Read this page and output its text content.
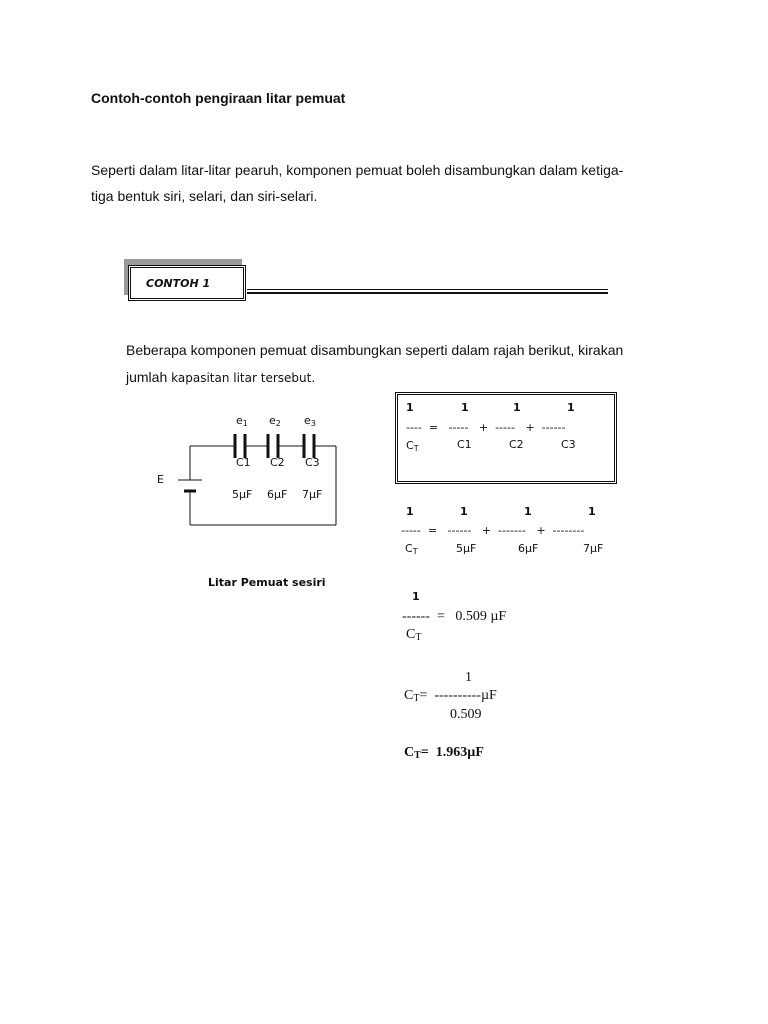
Contoh-contoh pengiraan litar pemuat
Seperti dalam litar-litar pearuh, komponen pemuat boleh disambungkan dalam ketiga-
tiga bentuk siri, selari, dan siri-selari.
CONTOH 1
Beberapa komponen pemuat disambungkan seperti dalam rajah berikut, kirakan
jumlah kapasitan litar tersebut.
$e_1$ $e_2$ $e_3$
C1 C2 C3
E
5µF 6µF 7µF
Litar Pemuat sesiri
1	1	1	1
----  =   -----   +  -----   +  ------
$C_T$	C1	C2	C3
1	1	1	1
-----  =   ------   +  -------   +  --------
$C_T$	5µF	6µF	7µF
1
------  =   0.509 µF
$C_T$
1
$C_T= ----------\mu F$
0.509
$C_T= 1.963\mu F$
